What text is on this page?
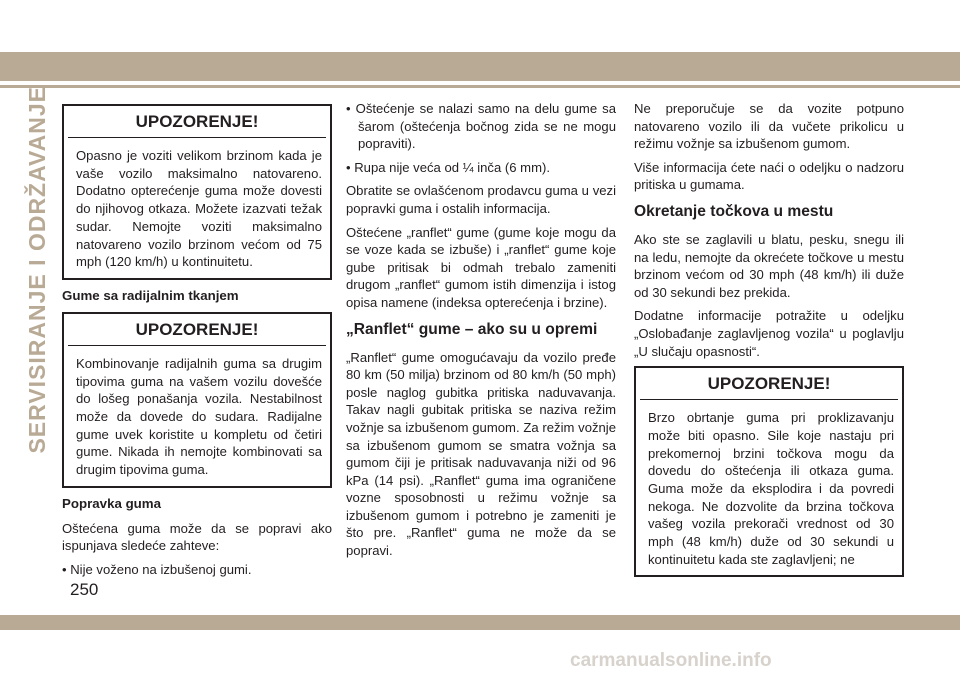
SERVISIRANJE I ODRŽAVANJE	UPOZORENJE!
Opasno je voziti velikom brzinom kada je vaše vozilo maksimalno natovareno. Dodatno opterećenje guma može dovesti do njihovog otkaza. Možete izazvati težak sudar. Nemojte voziti maksimalno natovareno vozilo brzinom većom od 75 mph (120 km/h) u kontinuitetu.
Gume sa radijalnim tkanjem
UPOZORENJE!
Kombinovanje radijalnih guma sa drugim tipovima guma na vašem vozilu dovešće do lošeg ponašanja vozila. Nestabilnost može da dovede do sudara. Radijalne gume uvek koristite u kompletu od četiri gume. Nikada ih nemojte kombinovati sa drugim tipovima guma.
Popravka guma

Oštećena guma može da se popravi ako ispunjava sledeće zahteve:

• Nije voženo na izbušenoj gumi.

• Oštećenje se nalazi samo na delu gume sa šarom (oštećenja bočnog zida se ne mogu popraviti).

• Rupa nije veća od ¼ inča (6 mm).

Obratite se ovlašćenom prodavcu guma u vezi popravki guma i ostalih informacija.

Oštećene „ranflet“ gume (gume koje mogu da se voze kada se izbuše) i „ranflet“ gume koje gube pritisak bi odmah trebalo zameniti drugom „ranflet“ gumom istih dimenzija i istog opisa namene (indeksa opterećenja i brzine).

„Ranflet“ gume – ako su u opremi

„Ranflet“ gume omogućavaju da vozilo pređe 80 km (50 milja) brzinom od 80 km/h (50 mph) posle naglog gubitka pritiska naduvavanja. Takav nagli gubitak pritiska se naziva režim vožnje sa izbušenom gumom. Za režim vožnje sa izbušenom gumom se smatra vožnja sa gumom čiji je pritisak naduvavanja niži od 96 kPa (14 psi). „Ranflet“ guma ima ograničene vozne sposobnosti u režimu vožnje sa izbušenom gumom i potrebno je zameniti je što pre. „Ranflet“ guma ne može da se popravi.

Ne preporučuje se da vozite potpuno natovareno vozilo ili da vučete prikolicu u režimu vožnje sa izbušenom gumom.

Više informacija ćete naći o odeljku o nadzoru pritiska u gumama.

Okretanje točkova u mestu

Ako ste se zaglavili u blatu, pesku, snegu ili na ledu, nemojte da okrećete točkove u mestu brzinom većom od 30 mph (48 km/h) ili duže od 30 sekundi bez prekida.

Dodatne informacije potražite u odeljku „Oslobađanje zaglavljenog vozila“ u poglavlju „U slučaju opasnosti“.

UPOZORENJE!
Brzo obrtanje guma pri proklizavanju može biti opasno. Sile koje nastaju pri prekomernoj brzini točkova mogu da dovedu do oštećenja ili otkaza guma. Guma može da eksplodira i da povredi nekoga. Ne dozvolite da brzina točkova vašeg vozila prekorači vrednost od 30 mph (48 km/h) duže od 30 sekundi u kontinuitetu kada ste zaglavljeni; ne
250
carmanualsonline.info
